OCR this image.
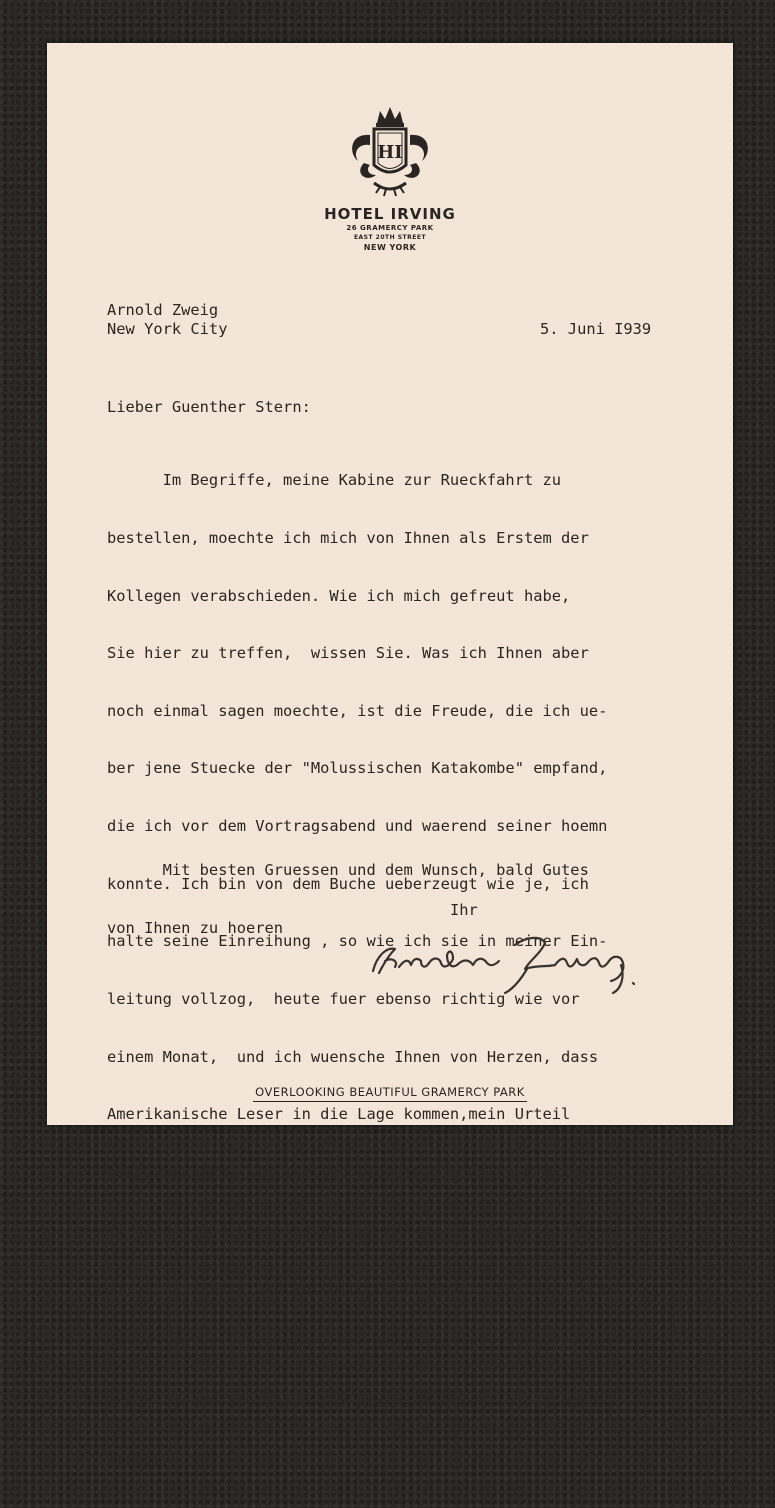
HI
HOTEL IRVING
26 GRAMERCY PARK
EAST 20TH STREET
NEW YORK
Arnold Zweig
New York City	5. Juni I939
Lieber Guenther Stern:

Im Begriffe, meine Kabine zur Rueckfahrt zu

bestellen, moechte ich mich von Ihnen als Erstem der

Kollegen verabschieden. Wie ich mich gefreut habe,

Sie hier zu treffen,  wissen Sie. Was ich Ihnen aber

noch einmal sagen moechte, ist die Freude, die ich ue-

ber jene Stuecke der "Molussischen Katakombe" empfand,

die ich vor dem Vortragsabend und waerend seiner hoemn

konnte. Ich bin von dem Buche ueberzeugt wie je, ich

halte seine Einreihung , so wie ich sie in meiner Ein-

leitung vollzog,  heute fuer ebenso richtig wie vor

einem Monat,  und ich wuensche Ihnen von Herzen, dass

Amerikanische Leser in die Lage kommen,mein Urteil

nachzupruefen. Sie stellen sich in die Reihe grosser

Vorbilder und Vorgaenger, die mit Swift beginnt, und

mit Lichtenberg und Voltaire nicht endet. Und da ich xw

weiss, welch ein Ansporn das fuer Sie ist, sage ich es

Ihnen, indem ich Ihnen zum Abschied herzlich die Hand

druecke.

Mit besten Gruessen und dem Wunsch, bald Gutes

von Ihnen zu hoeren

Ihr
OVERLOOKING BEAUTIFUL GRAMERCY PARK
